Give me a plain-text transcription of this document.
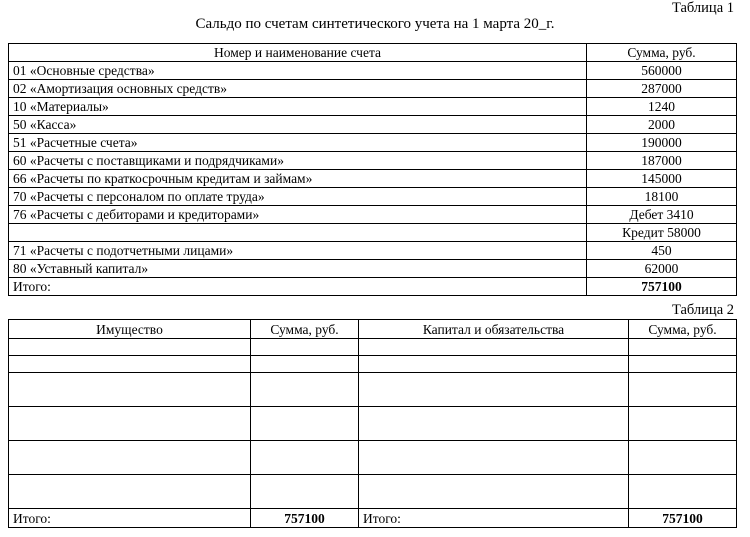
Таблица 1
Сальдо по счетам синтетического учета на 1 марта 20_г.
Номер и наименование счета	Сумма, руб.
01 «Основные средства»	560000
02 «Амортизация основных средств»	287000
10 «Материалы»	1240
50 «Касса»	2000
51 «Расчетные счета»	190000
60 «Расчеты с поставщиками и подрядчиками»	187000
66 «Расчеты по краткосрочным кредитам и займам»	145000
70 «Расчеты с персоналом по оплате труда»	18100
76 «Расчеты с дебиторами и кредиторами»	Дебет 3410
	Кредит 58000
71 «Расчеты с подотчетными лицами»	450
80 «Уставный капитал»	62000
Итого:	757100
Таблица 2
Имущество	Сумма, руб.	Капитал и обязательства	Сумма, руб.

Итого:	757100	Итого:	757100
